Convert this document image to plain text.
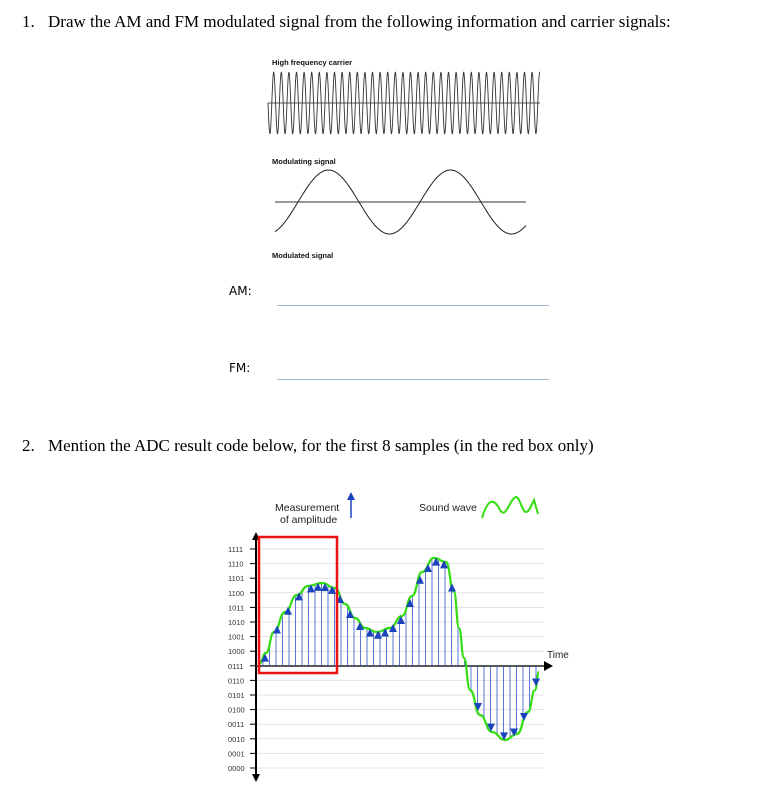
1. Draw the AM and FM modulated signal from the following information and carrier signals:
High frequency carrier
Modulating signal
Modulated signal
AM:
FM:
2. Mention the ADC result code below, for the first 8 samples (in the red box only)
1111
1110
1101
1100
1011
1010
1001
1000
0111
0110
0101
0100
0011
0010
0001
0000
Measurement
of amplitude
Sound wave
Time
